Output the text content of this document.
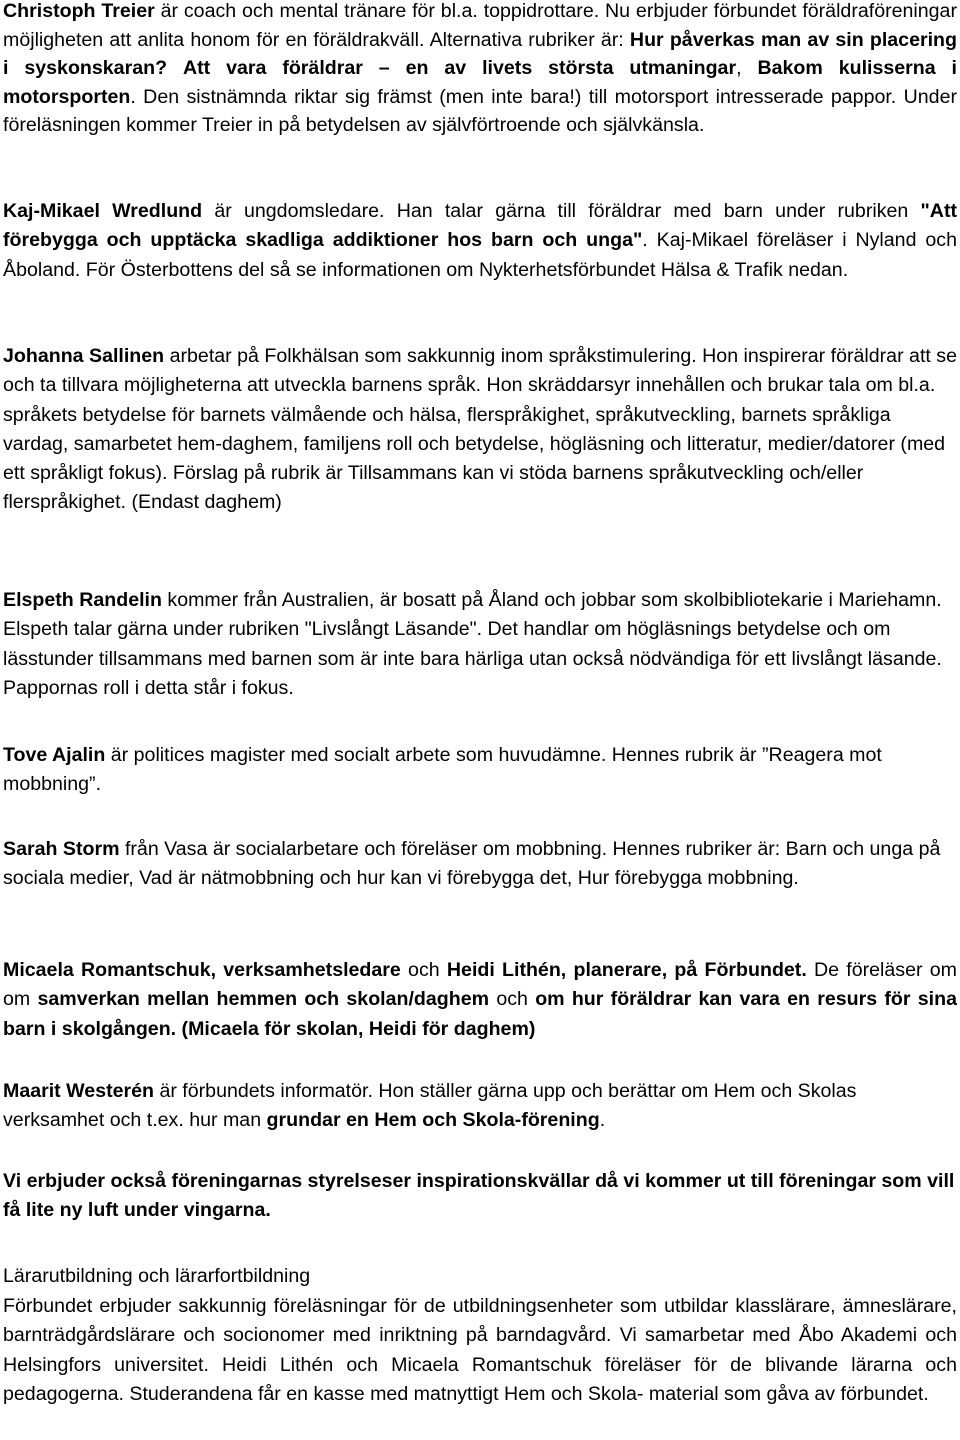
Christoph Treier är coach och mental tränare för bl.a. toppidrottare. Nu erbjuder förbundet föräldraföreningar möjligheten att anlita honom för en föräldrakväll. Alternativa rubriker är: Hur påverkas man av sin placering i syskonskaran? Att vara föräldrar – en av livets största utmaningar, Bakom kulisserna i motorsporten. Den sistnämnda riktar sig främst (men inte bara!) till motorsport intresserade pappor. Under föreläsningen kommer Treier in på betydelsen av självförtroende och självkänsla.

Kaj-Mikael Wredlund är ungdomsledare. Han talar gärna till föräldrar med barn under rubriken "Att förebygga och upptäcka skadliga addiktioner hos barn och unga". Kaj-Mikael föreläser i Nyland och Åboland. För Österbottens del så se informationen om Nykterhetsförbundet Hälsa & Trafik nedan.

Johanna Sallinen arbetar på Folkhälsan som sakkunnig inom språkstimulering. Hon inspirerar föräldrar att se och ta tillvara möjligheterna att utveckla barnens språk. Hon skräddarsyr innehållen och brukar tala om bl.a. språkets betydelse för barnets välmående och hälsa, flerspråkighet, språkutveckling, barnets språkliga vardag, samarbetet hem-daghem, familjens roll och betydelse, högläsning och litteratur, medier/datorer (med ett språkligt fokus). Förslag på rubrik är Tillsammans kan vi stöda barnens språkutveckling och/eller flerspråkighet. (Endast daghem)

Elspeth Randelin kommer från Australien, är bosatt på Åland och jobbar som skolbibliotekarie i Mariehamn. Elspeth talar gärna under rubriken "Livslångt Läsande". Det handlar om högläsnings betydelse och om lässtunder tillsammans med barnen som är inte bara härliga utan också nödvändiga för ett livslångt läsande. Pappornas roll i detta står i fokus.

Tove Ajalin är politices magister med socialt arbete som huvudämne. Hennes rubrik är ”Reagera mot mobbning”.

Sarah Storm från Vasa är socialarbetare och föreläser om mobbning. Hennes rubriker är: Barn och unga på sociala medier, Vad är nätmobbning och hur kan vi förebygga det, Hur förebygga mobbning.

Micaela Romantschuk, verksamhetsledare och Heidi Lithén, planerare, på Förbundet. De föreläser om om samverkan mellan hemmen och skolan/daghem och om hur föräldrar kan vara en resurs för sina barn i skolgången. (Micaela för skolan, Heidi för daghem)

Maarit Westerén är förbundets informatör. Hon ställer gärna upp och berättar om Hem och Skolas verksamhet och t.ex. hur man grundar en Hem och Skola-förening.

Vi erbjuder också föreningarnas styrelseser inspirationskvällar då vi kommer ut till föreningar som vill få lite ny luft under vingarna.

Lärarutbildning och lärarfortbildning

Förbundet erbjuder sakkunnig föreläsningar för de utbildningsenheter som utbildar klasslärare, ämneslärare, barnträdgårdslärare och socionomer med inriktning på barndagvård. Vi samarbetar med Åbo Akademi och Helsingfors universitet. Heidi Lithén och Micaela Romantschuk föreläser för de blivande lärarna och pedagogerna. Studerandena får en kasse med matnyttigt Hem och Skola- material som gåva av förbundet.
